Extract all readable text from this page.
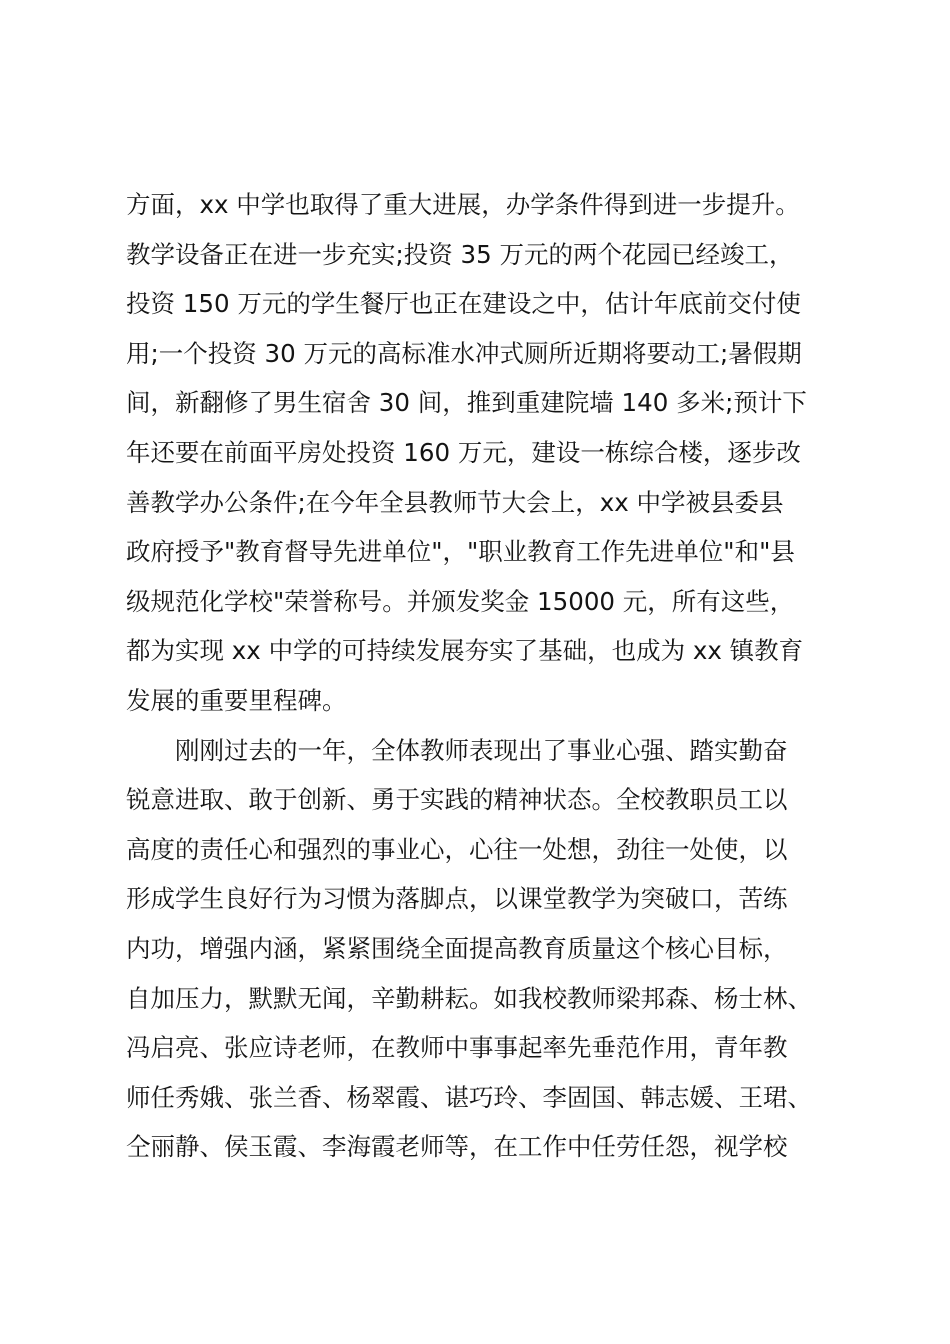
方面，xx 中学也取得了重大进展，办学条件得到进一步提升。
教学设备正在进一步充实;投资 35 万元的两个花园已经竣工，
投资 150 万元的学生餐厅也正在建设之中，估计年底前交付使
用;一个投资 30 万元的高标准水冲式厕所近期将要动工;暑假期
间，新翻修了男生宿舍 30 间，推到重建院墙 140 多米;预计下
年还要在前面平房处投资 160 万元，建设一栋综合楼，逐步改
善教学办公条件;在今年全县教师节大会上，xx 中学被县委县
政府授予"教育督导先进单位"，"职业教育工作先进单位"和"县
级规范化学校"荣誉称号。并颁发奖金 15000 元，所有这些，
都为实现 xx 中学的可持续发展夯实了基础，也成为 xx 镇教育
发展的重要里程碑。
刚刚过去的一年，全体教师表现出了事业心强、踏实勤奋
锐意进取、敢于创新、勇于实践的精神状态。全校教职员工以
高度的责任心和强烈的事业心，心往一处想，劲往一处使，以
形成学生良好行为习惯为落脚点，以课堂教学为突破口，苦练
内功，增强内涵，紧紧围绕全面提高教育质量这个核心目标，
自加压力，默默无闻，辛勤耕耘。如我校教师梁邦森、杨士林、
冯启亮、张应诗老师，在教师中事事起率先垂范作用，青年教
师任秀娥、张兰香、杨翠霞、谌巧玲、李固国、韩志媛、王珺、
仝丽静、侯玉霞、李海霞老师等，在工作中任劳任怨，视学校
